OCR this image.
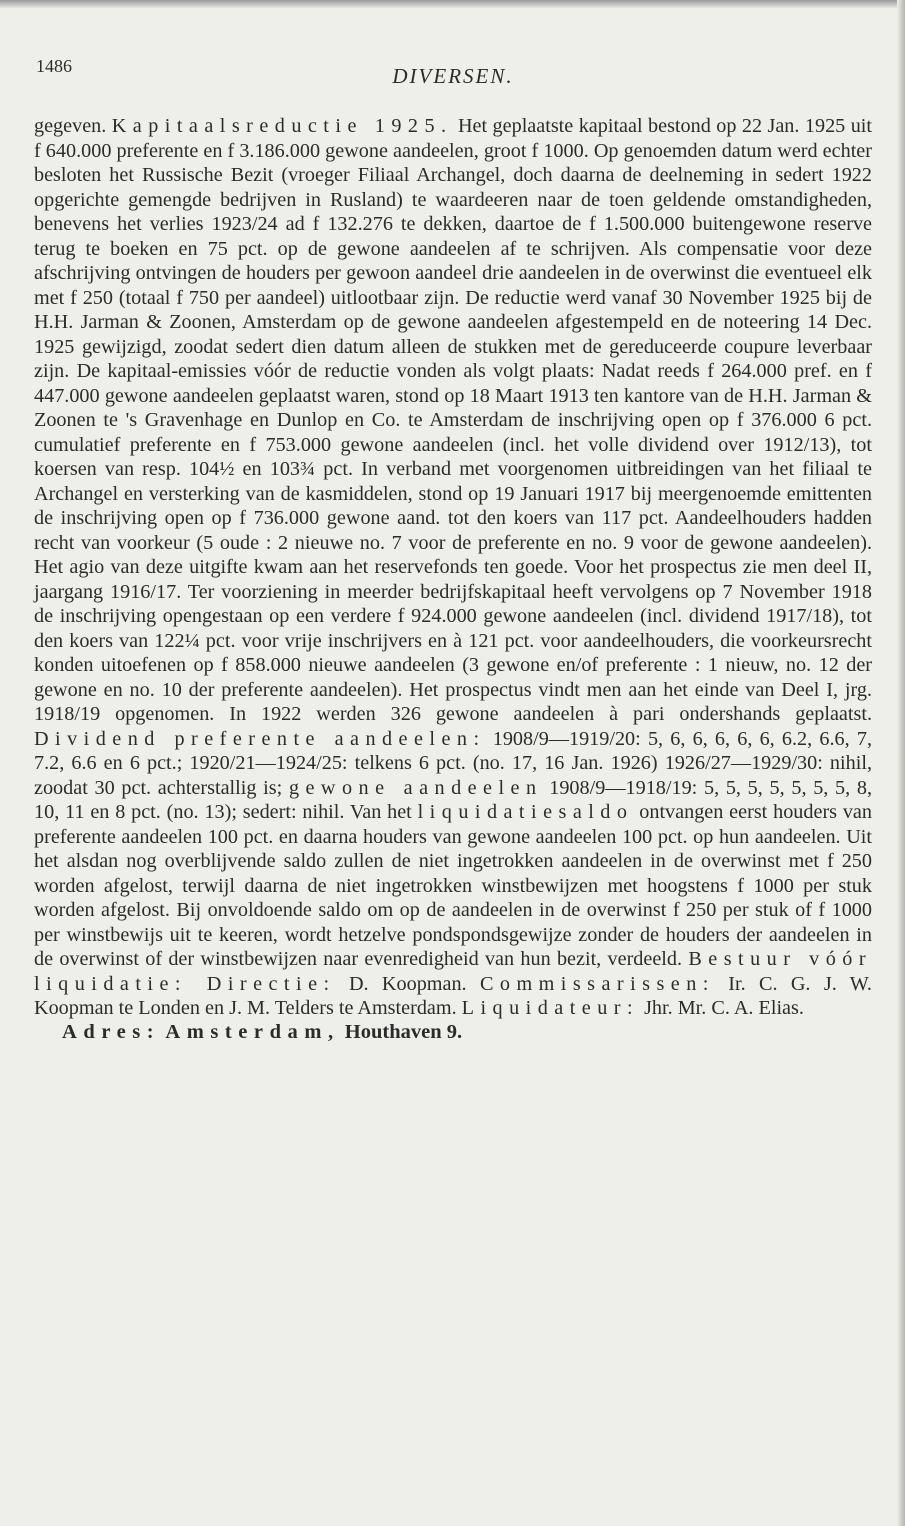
1486	DIVERSEN.

gegeven. Kapitaalsreductie 1925. Het geplaatste kapitaal bestond op 22 Jan. 1925 uit f 640.000 preferente en f 3.186.000 gewone aandeelen, groot f 1000. Op genoemden datum werd echter besloten het Russische Bezit (vroeger Filiaal Archangel, doch daarna de deelneming in sedert 1922 opgerichte gemengde bedrijven in Rusland) te waardeeren naar de toen geldende omstandigheden, benevens het verlies 1923/24 ad f 132.276 te dekken, daartoe de f 1.500.000 buitengewone reserve terug te boeken en 75 pct. op de gewone aandeelen af te schrijven. Als compensatie voor deze afschrijving ontvingen de houders per gewoon aandeel drie aandeelen in de overwinst die eventueel elk met f 250 (totaal f 750 per aandeel) uitlootbaar zijn. De reductie werd vanaf 30 November 1925 bij de H.H. Jarman & Zoonen, Amsterdam op de gewone aandeelen afgestempeld en de noteering 14 Dec. 1925 gewijzigd, zoodat sedert dien datum alleen de stukken met de gereduceerde coupure leverbaar zijn. De kapitaal-emissies vóór de reductie vonden als volgt plaats: Nadat reeds f 264.000 pref. en f 447.000 gewone aandeelen geplaatst waren, stond op 18 Maart 1913 ten kantore van de H.H. Jarman & Zoonen te 's Gravenhage en Dunlop en Co. te Amsterdam de inschrijving open op f 376.000 6 pct. cumulatief preferente en f 753.000 gewone aandeelen (incl. het volle dividend over 1912/13), tot koersen van resp. 104½ en 103¾ pct. In verband met voorgenomen uitbreidingen van het filiaal te Archangel en versterking van de kasmiddelen, stond op 19 Januari 1917 bij meergenoemde emittenten de inschrijving open op f 736.000 gewone aand. tot den koers van 117 pct. Aandeelhouders hadden recht van voorkeur (5 oude : 2 nieuwe no. 7 voor de preferente en no. 9 voor de gewone aandeelen). Het agio van deze uitgifte kwam aan het reservefonds ten goede. Voor het prospectus zie men deel II, jaargang 1916/17. Ter voorziening in meerder bedrijfskapitaal heeft vervolgens op 7 November 1918 de inschrijving opengestaan op een verdere f 924.000 gewone aandeelen (incl. dividend 1917/18), tot den koers van 122¼ pct. voor vrije inschrijvers en à 121 pct. voor aandeelhouders, die voorkeursrecht konden uitoefenen op f 858.000 nieuwe aandeelen (3 gewone en/of preferente : 1 nieuw, no. 12 der gewone en no. 10 der preferente aandeelen). Het prospectus vindt men aan het einde van Deel I, jrg. 1918/19 opgenomen. In 1922 werden 326 gewone aandeelen à pari ondershands geplaatst. Dividend preferente aandeelen: 1908/9—1919/20: 5, 6, 6, 6, 6, 6, 6.2, 6.6, 7, 7.2, 6.6 en 6 pct.; 1920/21—1924/25: telkens 6 pct. (no. 17, 16 Jan. 1926) 1926/27—1929/30: nihil, zoodat 30 pct. achterstallig is; gewone aandeelen 1908/9—1918/19: 5, 5, 5, 5, 5, 5, 5, 8, 10, 11 en 8 pct. (no. 13); sedert: nihil. Van het liquidatiesaldo ontvangen eerst houders van preferente aandeelen 100 pct. en daarna houders van gewone aandeelen 100 pct. op hun aandeelen. Uit het alsdan nog overblijvende saldo zullen de niet ingetrokken aandeelen in de overwinst met f 250 worden afgelost, terwijl daarna de niet ingetrokken winstbewijzen met hoogstens f 1000 per stuk worden afgelost. Bij onvoldoende saldo om op de aandeelen in de overwinst f 250 per stuk of f 1000 per winstbewijs uit te keeren, wordt hetzelve pondspondsgewijze zonder de houders der aandeelen in de overwinst of der winstbewijzen naar evenredigheid van hun bezit, verdeeld. Bestuur vóór liquidatie: Directie: D. Koopman. Commissarissen: Ir. C. G. J. W. Koopman te Londen en J. M. Telders te Amsterdam. Liquidateur: Jhr. Mr. C. A. Elias.

Adres: Amsterdam, Houthaven 9.
